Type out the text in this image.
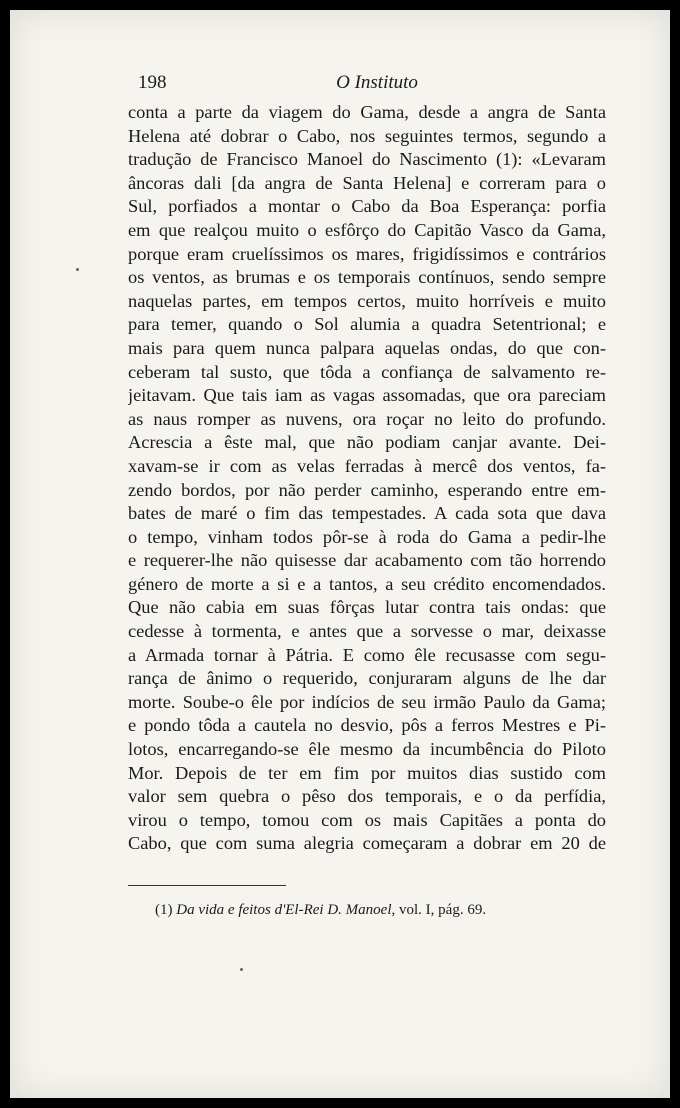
198	O Instituto
conta a parte da viagem do Gama, desde a angra de Santa
Helena até dobrar o Cabo, nos seguintes termos, segundo a
tradução de Francisco Manoel do Nascimento (1): «Levaram
âncoras dali [da angra de Santa Helena] e correram para o
Sul, porfiados a montar o Cabo da Boa Esperança: porfia
em que realçou muito o esfôrço do Capitão Vasco da Gama,
porque eram cruelíssimos os mares, frigidíssimos e contrários
os ventos, as brumas e os temporais contínuos, sendo sempre
naquelas partes, em tempos certos, muito horríveis e muito
para temer, quando o Sol alumia a quadra Setentrional; e
mais para quem nunca palpara aquelas ondas, do que con-
ceberam tal susto, que tôda a confiança de salvamento re-
jeitavam. Que tais iam as vagas assomadas, que ora pareciam
as naus romper as nuvens, ora roçar no leito do profundo.
Acrescia a êste mal, que não podiam canjar avante. Dei-
xavam-se ir com as velas ferradas à mercê dos ventos, fa-
zendo bordos, por não perder caminho, esperando entre em-
bates de maré o fim das tempestades. A cada sota que dava
o tempo, vinham todos pôr-se à roda do Gama a pedir-lhe
e requerer-lhe não quisesse dar acabamento com tão horrendo
género de morte a si e a tantos, a seu crédito encomendados.
Que não cabia em suas fôrças lutar contra tais ondas: que
cedesse à tormenta, e antes que a sorvesse o mar, deixasse
a Armada tornar à Pátria. E como êle recusasse com segu-
rança de ânimo o requerido, conjuraram alguns de lhe dar
morte. Soube-o êle por indícios de seu irmão Paulo da Gama;
e pondo tôda a cautela no desvio, pôs a ferros Mestres e Pi-
lotos, encarregando-se êle mesmo da incumbência do Piloto
Mor. Depois de ter em fim por muitos dias sustido com
valor sem quebra o pêso dos temporais, e o da perfídia,
virou o tempo, tomou com os mais Capitães a ponta do
Cabo, que com suma alegria começaram a dobrar em 20 de
(1) Da vida e feitos d'El-Rei D. Manoel, vol. I, pág. 69.
